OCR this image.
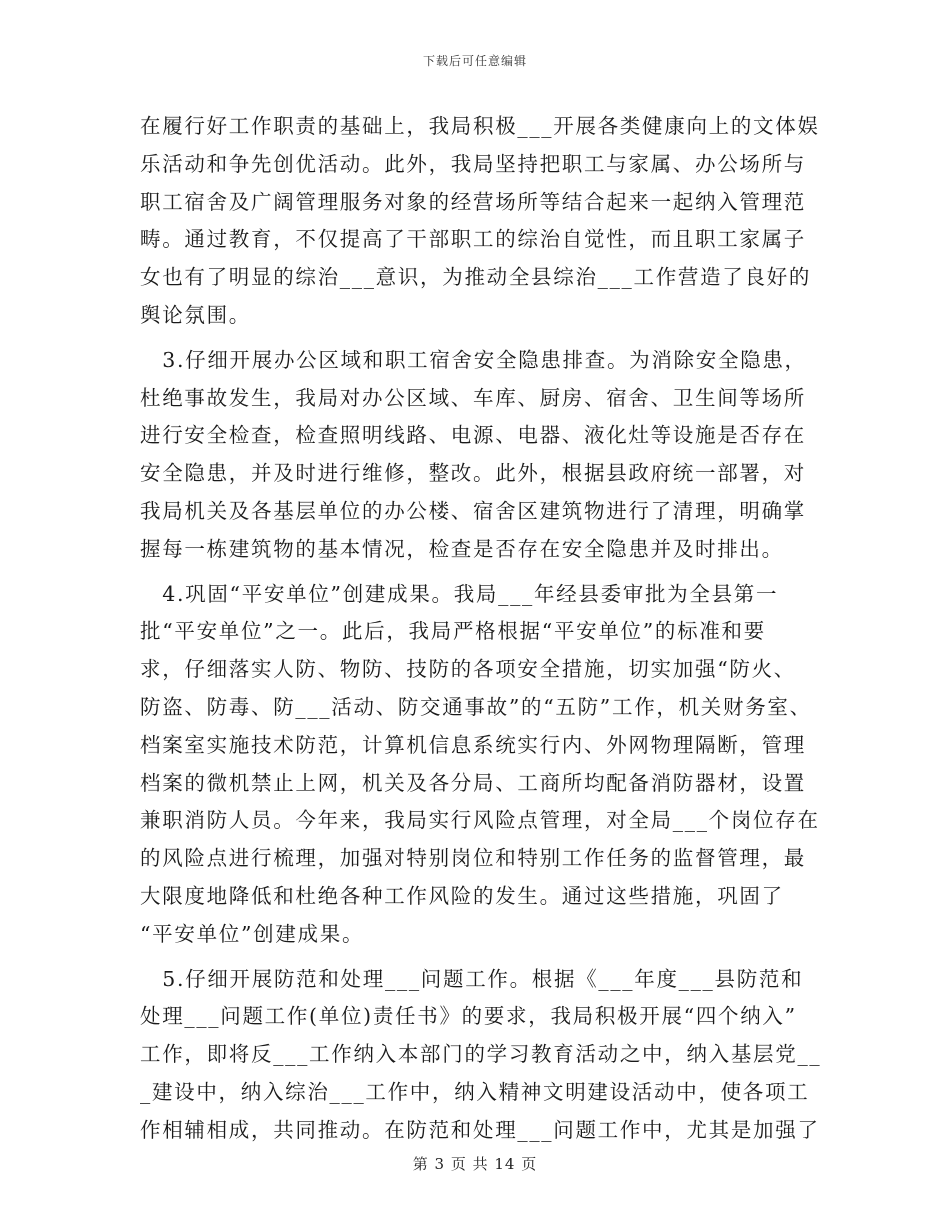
下载后可任意编辑
在履行好工作职责的基础上，我局积极___开展各类健康向上的文体娱
乐活动和争先创优活动。此外，我局坚持把职工与家属、办公场所与
职工宿舍及广阔管理服务对象的经营场所等结合起来一起纳入管理范
畴。通过教育，不仅提高了干部职工的综治自觉性，而且职工家属子
女也有了明显的综治___意识，为推动全县综治___工作营造了良好的
舆论氛围。
　3.仔细开展办公区域和职工宿舍安全隐患排查。为消除安全隐患，
杜绝事故发生，我局对办公区域、车库、厨房、宿舍、卫生间等场所
进行安全检查，检查照明线路、电源、电器、液化灶等设施是否存在
安全隐患，并及时进行维修，整改。此外，根据县政府统一部署，对
我局机关及各基层单位的办公楼、宿舍区建筑物进行了清理，明确掌
握每一栋建筑物的基本情况，检查是否存在安全隐患并及时排出。
　4.巩固“平安单位”创建成果。我局___年经县委审批为全县第一
批“平安单位”之一。此后，我局严格根据“平安单位”的标准和要
求，仔细落实人防、物防、技防的各项安全措施，切实加强“防火、
防盗、防毒、防___活动、防交通事故”的“五防”工作，机关财务室、
档案室实施技术防范，计算机信息系统实行内、外网物理隔断，管理
档案的微机禁止上网，机关及各分局、工商所均配备消防器材，设置
兼职消防人员。今年来，我局实行风险点管理，对全局___个岗位存在
的风险点进行梳理，加强对特别岗位和特别工作任务的监督管理，最
大限度地降低和杜绝各种工作风险的发生。通过这些措施，巩固了
“平安单位”创建成果。
　5.仔细开展防范和处理___问题工作。根据《___年度___县防范和
处理___问题工作(单位)责任书》的要求，我局积极开展“四个纳入”
工作，即将反___工作纳入本部门的学习教育活动之中，纳入基层党__
_建设中，纳入综治___工作中，纳入精神文明建设活动中，使各项工
作相辅相成，共同推动。在防范和处理___问题工作中，尤其是加强了
第 3 页 共 14 页
